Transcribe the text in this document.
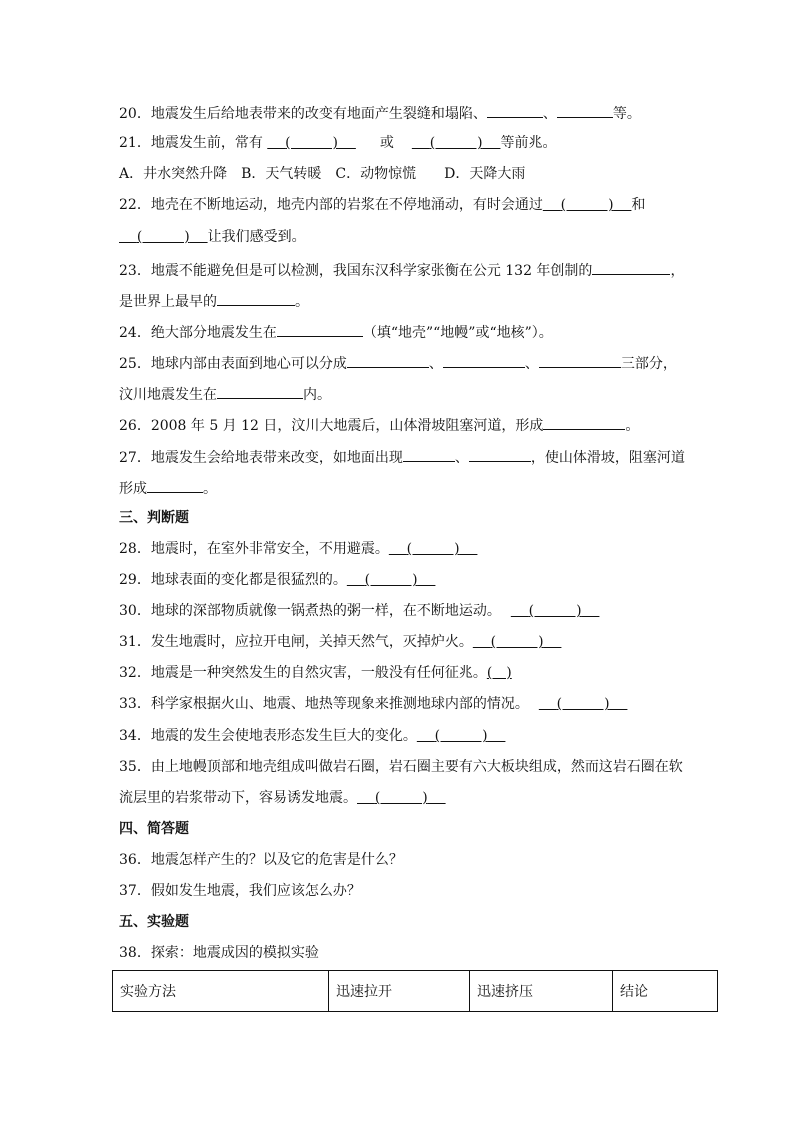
20．地震发生后给地表带来的改变有地面产生裂缝和塌陷、	、	等。
21．地震发生前，常有   (　　　)  	或  	(　　　)   等前兆。
A．井水突然升降　B．天气转暖　C．动物惊慌　　D．天降大雨
22．地壳在不断地运动，地壳内部的岩浆在不停地涌动，有时会通过   (　　　)   和
  (　　　)   让我们感受到。
23．地震不能避免但是可以检测，我国东汉科学家张衡在公元 132 年创制的	，
是世界上最早的	。
24．绝大部分地震发生在	（填“地壳”“地幔”或“地核”）。
25．地球内部由表面到地心可以分成	、	、	三部分，
汶川地震发生在	内。
26．2008 年 5 月 12 日，汶川大地震后，山体滑坡阻塞河道，形成	。
27．地震发生会给地表带来改变，如地面出现	、	，使山体滑坡，阻塞河道
形成	。
三、判断题
28．地震时，在室外非常安全，不用避震。   (　　　)  
29．地球表面的变化都是很猛烈的。   (　　　)  
30．地球的深部物质就像一锅煮热的粥一样，在不断地运动。   (　　　)  
31．发生地震时，应拉开电闸，关掉天然气，灭掉炉火。   (　　　)  
32．地震是一种突然发生的自然灾害，一般没有任何征兆。(　)
33．科学家根据火山、地震、地热等现象来推测地球内部的情况。   (　　　)  
34．地震的发生会使地表形态发生巨大的变化。   (　　　)  
35．由上地幔顶部和地壳组成叫做岩石圈，岩石圈主要有六大板块组成，然而这岩石圈在软
流层里的岩浆带动下，容易诱发地震。   (　　　)  
四、简答题
36．地震怎样产生的？以及它的危害是什么？
37．假如发生地震，我们应该怎么办？
五、实验题
38．探索：地震成因的模拟实验
实验方法	迅速拉开	迅速挤压	结论
